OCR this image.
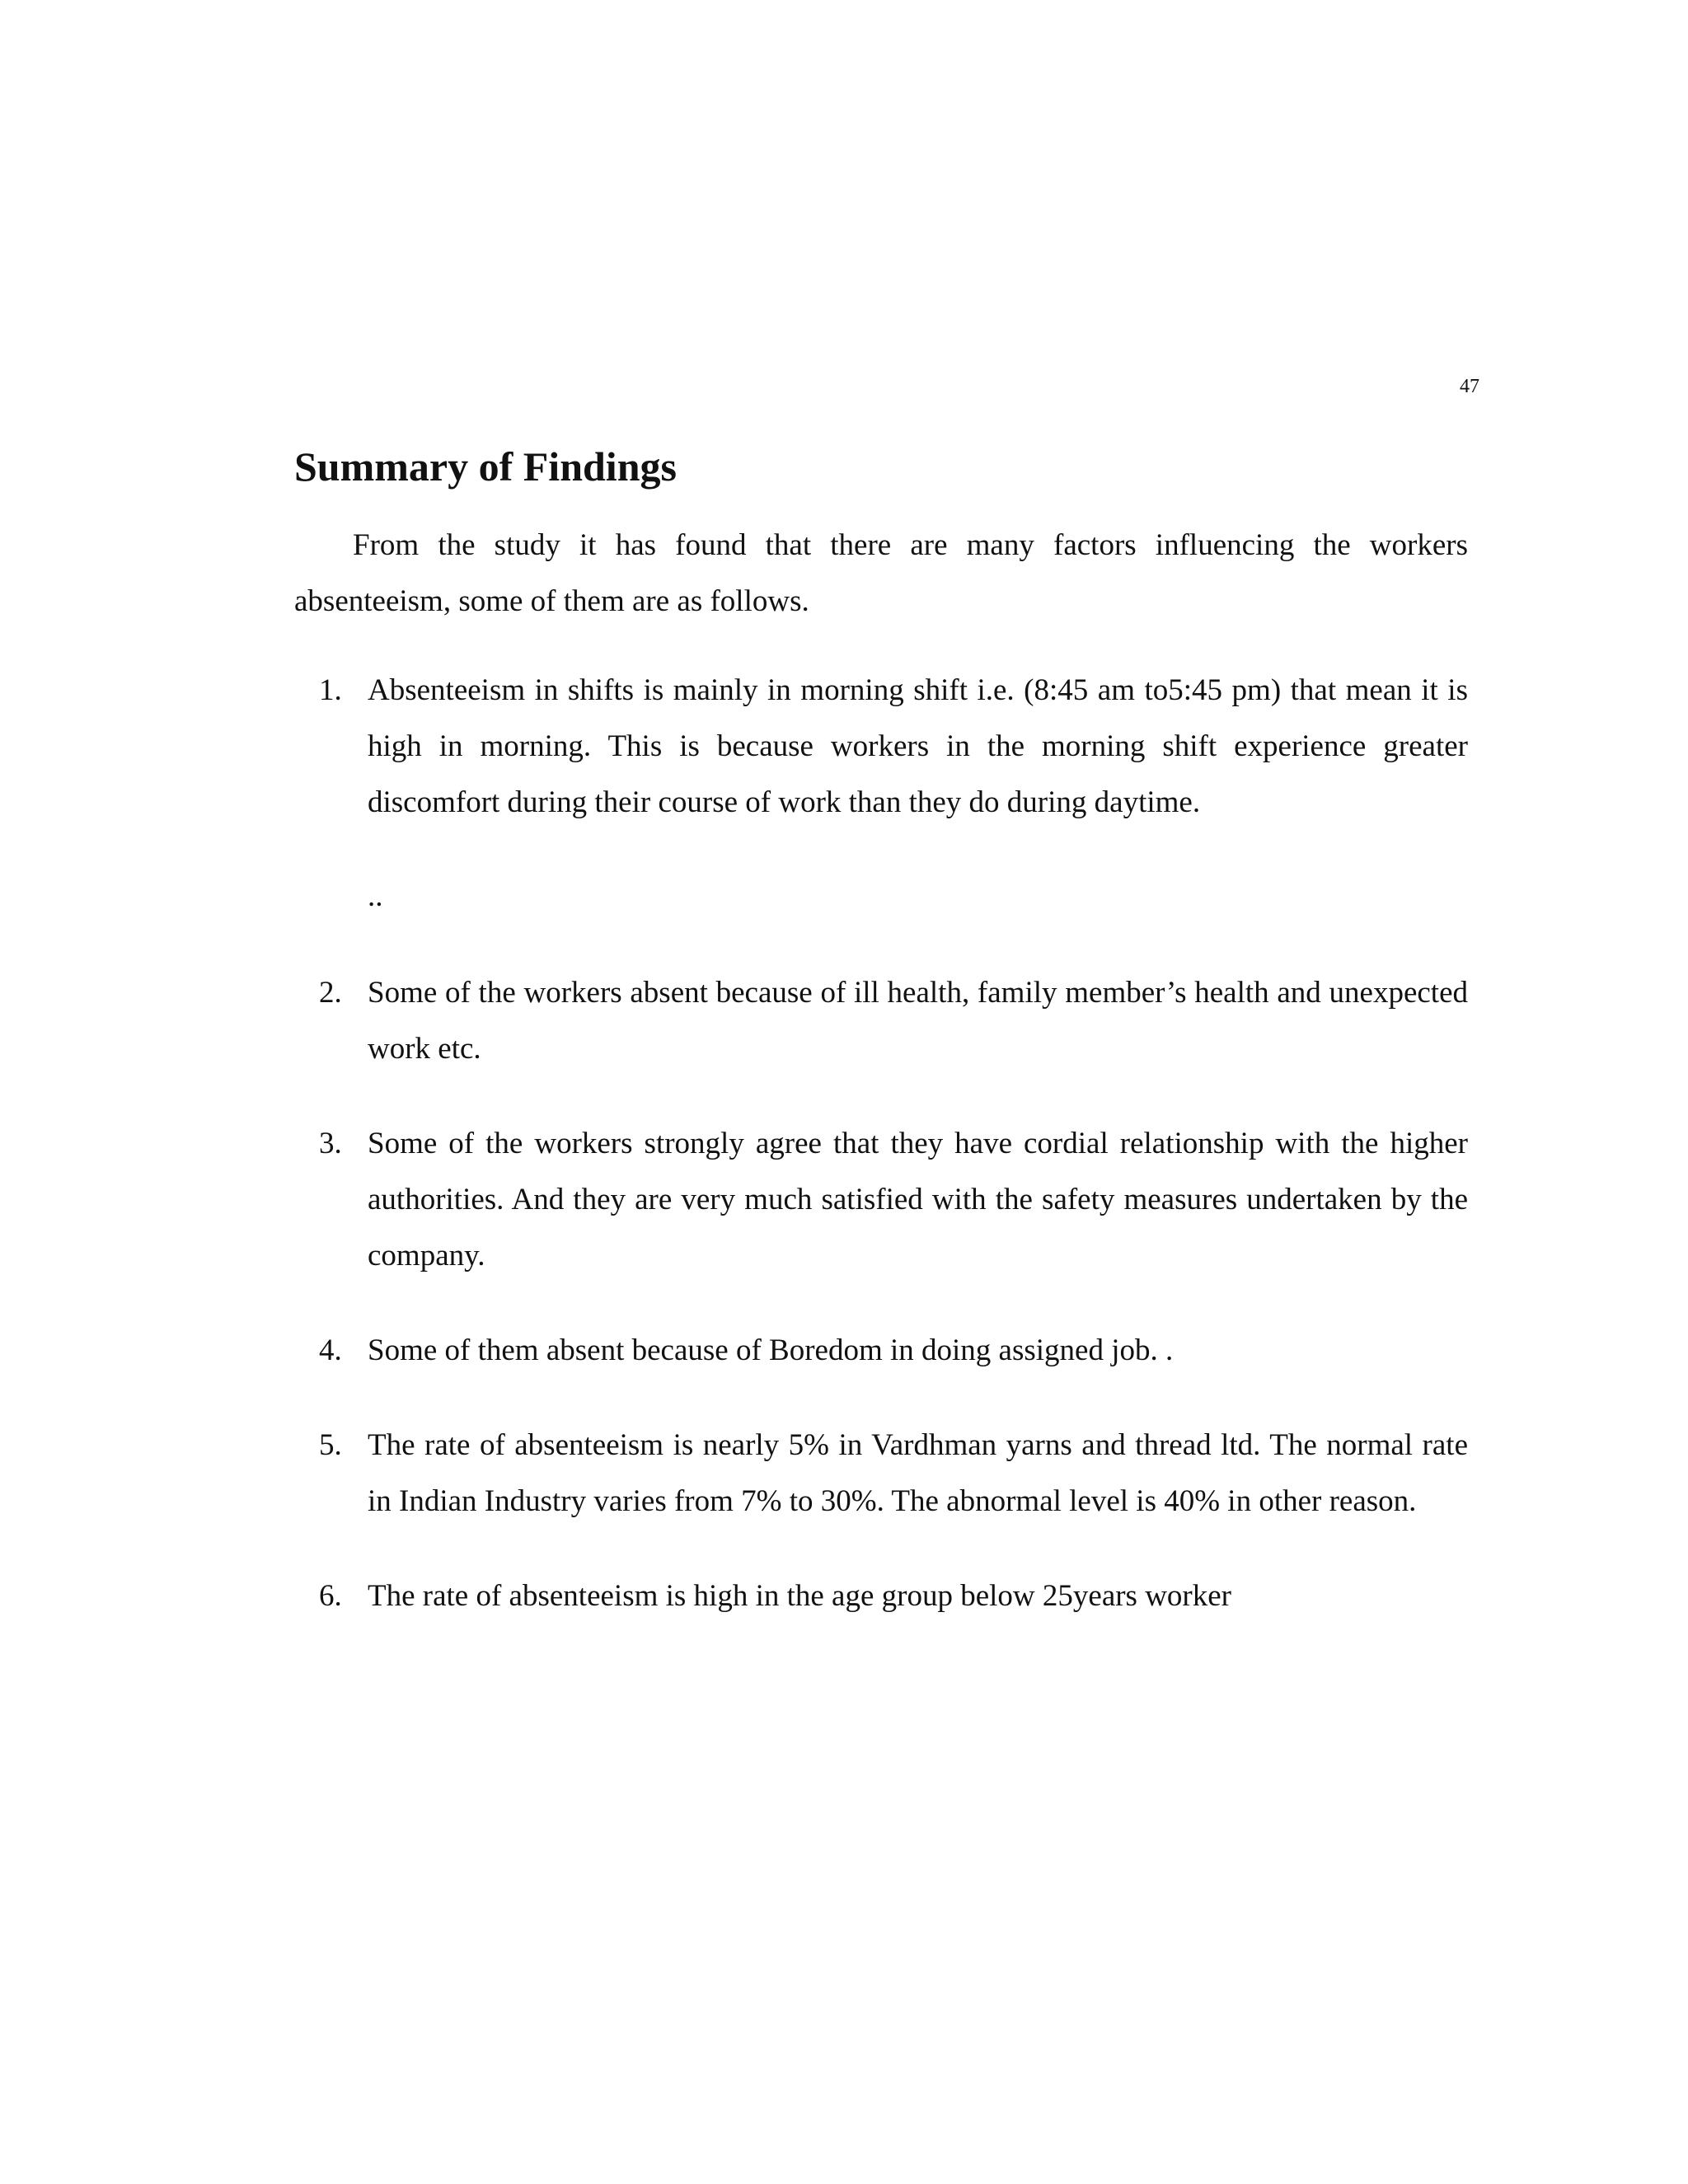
47
Summary of Findings

From the study it has found that there are many factors influencing the workers absenteeism, some of them are as follows.

1. Absenteeism in shifts is mainly in morning shift i.e. (8:45 am to5:45 pm) that mean it is high in morning. This is because workers in the morning shift experience greater discomfort during their course of work than they do during daytime.
..
2. Some of the workers absent because of ill health, family member’s health and unexpected work etc.
3. Some of the workers strongly agree that they have cordial relationship with the higher authorities. And they are very much satisfied with the safety measures undertaken by the company.
4. Some of them absent because of Boredom in doing assigned job. .
5. The rate of absenteeism is nearly 5% in Vardhman yarns and thread ltd. The normal rate in Indian Industry varies from 7% to 30%. The abnormal level is 40% in other reason.
6. The rate of absenteeism is high in the age group below 25years worker
